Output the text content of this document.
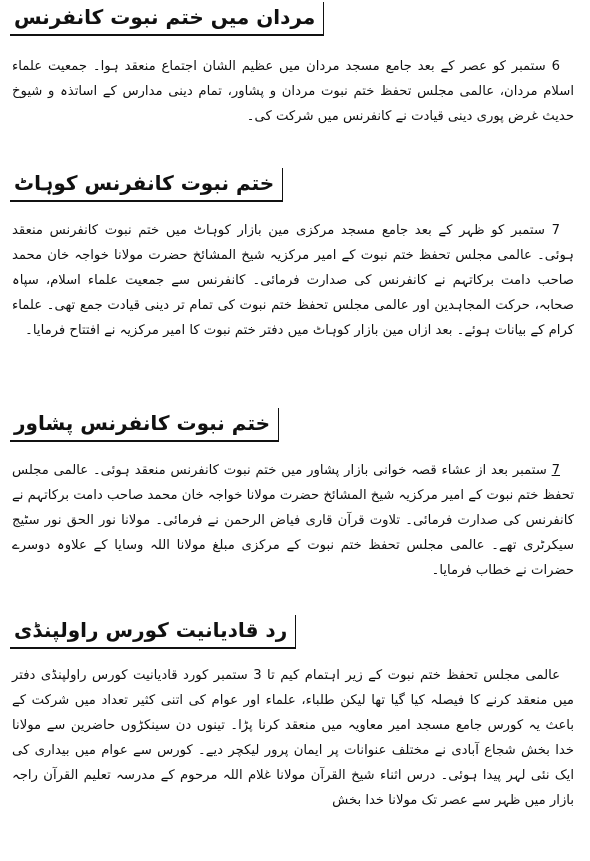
مردان میں ختم نبوت کانفرنس

6 ستمبر کو عصر کے بعد جامع مسجد مردان میں عظیم الشان اجتماع منعقد ہوا۔ جمعیت علماء اسلام مردان، عالمی مجلس تحفظ ختم نبوت مردان و پشاور، تمام دینی مدارس کے اساتذہ و شیوخ حدیث غرض پوری دینی قیادت نے کانفرنس میں شرکت کی۔

ختم نبوت کانفرنس کوہاٹ

7 ستمبر کو ظہر کے بعد جامع مسجد مرکزی مین بازار کوہاٹ میں ختم نبوت کانفرنس منعقد ہوئی۔ عالمی مجلس تحفظ ختم نبوت کے امیر مرکزیہ شیخ المشائخ حضرت مولانا خواجہ خان محمد صاحب دامت برکاتہم نے کانفرنس کی صدارت فرمائی۔ کانفرنس سے جمعیت علماء اسلام، سپاہ صحابہ، حرکت المجاہدین اور عالمی مجلس تحفظ ختم نبوت کی تمام تر دینی قیادت جمع تھی۔ علماء کرام کے بیانات ہوئے۔ بعد ازاں مین بازار کوہاٹ میں دفتر ختم نبوت کا امیر مرکزیہ نے افتتاح فرمایا۔

ختم نبوت کانفرنس پشاور

7 ستمبر بعد از عشاء قصہ خوانی بازار پشاور میں ختم نبوت کانفرنس منعقد ہوئی۔ عالمی مجلس تحفظ ختم نبوت کے امیر مرکزیہ شیخ المشائخ حضرت مولانا خواجہ خان محمد صاحب دامت برکاتہم نے کانفرنس کی صدارت فرمائی۔ تلاوت قرآن قاری فیاض الرحمن نے فرمائی۔ مولانا نور الحق نور سٹیج سیکرٹری تھے۔ عالمی مجلس تحفظ ختم نبوت کے مرکزی مبلغ مولانا اللہ وسایا کے علاوہ دوسرے حضرات نے خطاب فرمایا۔

رد قادیانیت کورس راولپنڈی

عالمی مجلس تحفظ ختم نبوت کے زیر اہتمام کیم تا 3 ستمبر کورد قادیانیت کورس راولپنڈی دفتر میں منعقد کرنے کا فیصلہ کیا گیا تھا لیکن طلباء، علماء اور عوام کی اتنی کثیر تعداد میں شرکت کے باعث یہ کورس جامع مسجد امیر معاویہ میں منعقد کرنا پڑا۔ تینوں دن سینکڑوں حاضرین سے مولانا خدا بخش شجاع آبادی نے مختلف عنوانات پر ایمان پرور لیکچر دیے۔ کورس سے عوام میں بیداری کی ایک نئی لہر پیدا ہوئی۔ درس اثناء شیخ القرآن مولانا غلام اللہ مرحوم کے مدرسہ تعلیم القرآن راجہ بازار میں ظہر سے عصر تک مولانا خدا بخش
